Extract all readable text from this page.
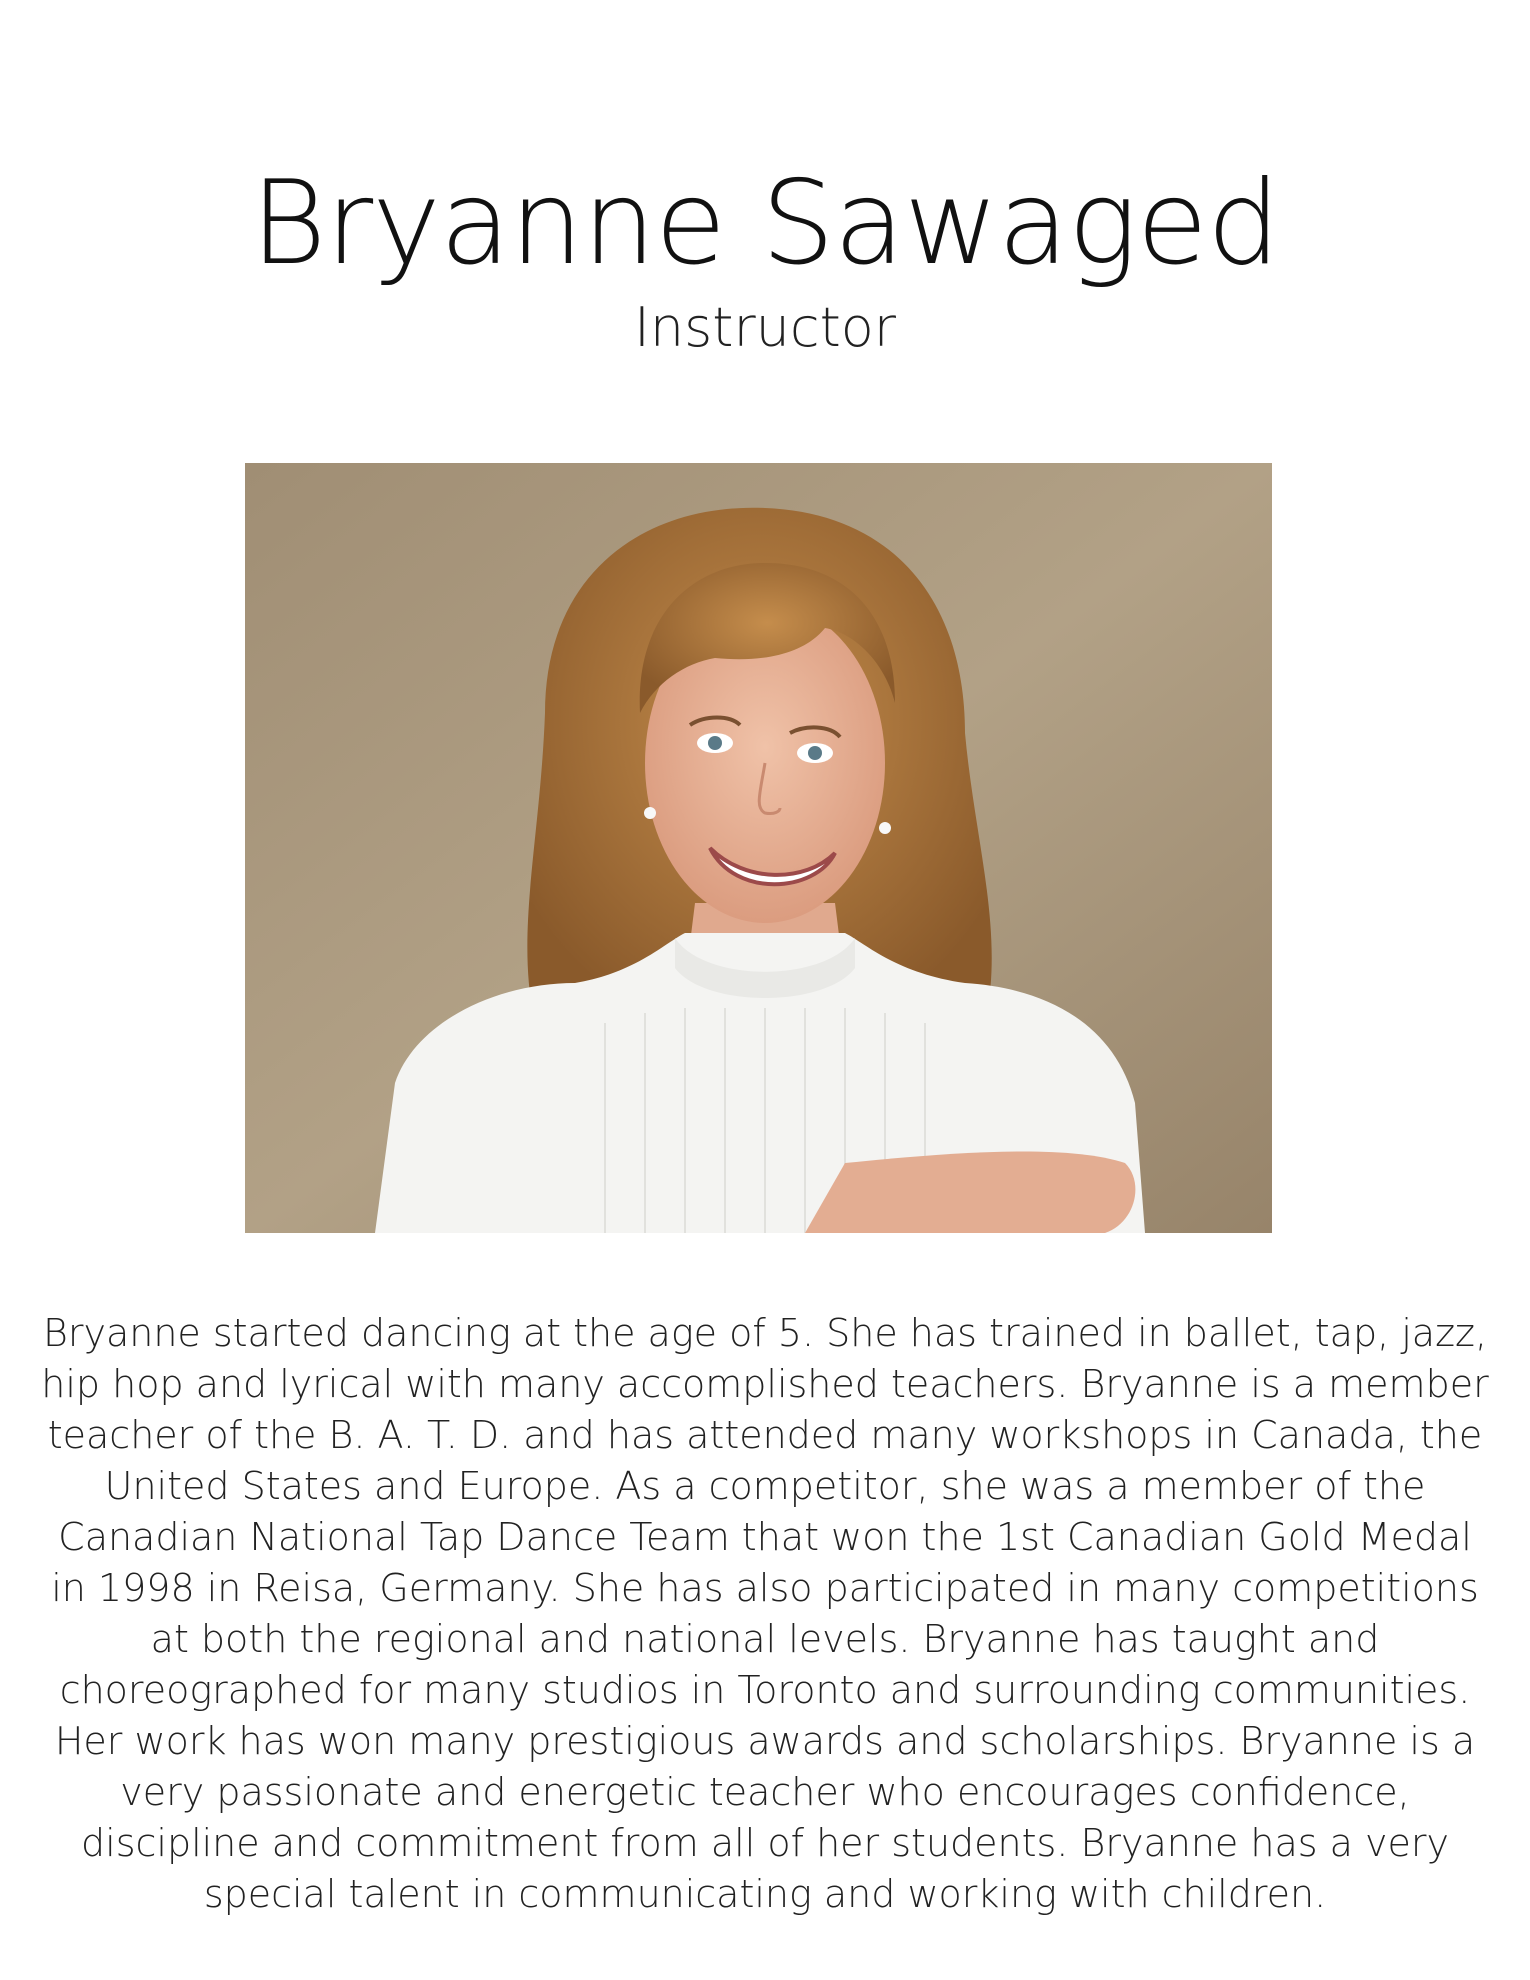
Bryanne Sawaged
Instructor
Bryanne started dancing at the age of 5. She has trained in ballet, tap, jazz, hip hop and lyrical with many accomplished teachers. Bryanne is a member teacher of the B. A. T. D. and has attended many workshops in Canada, the United States and Europe. As a competitor, she was a member of the Canadian National Tap Dance Team that won the 1st Canadian Gold Medal in 1998 in Reisa, Germany. She has also participated in many competitions at both the regional and national levels. Bryanne has taught and choreographed for many studios in Toronto and surrounding communities. Her work has won many prestigious awards and scholarships. Bryanne is a very passionate and energetic teacher who encourages confidence, discipline and commitment from all of her students. Bryanne has a very special talent in communicating and working with children.
